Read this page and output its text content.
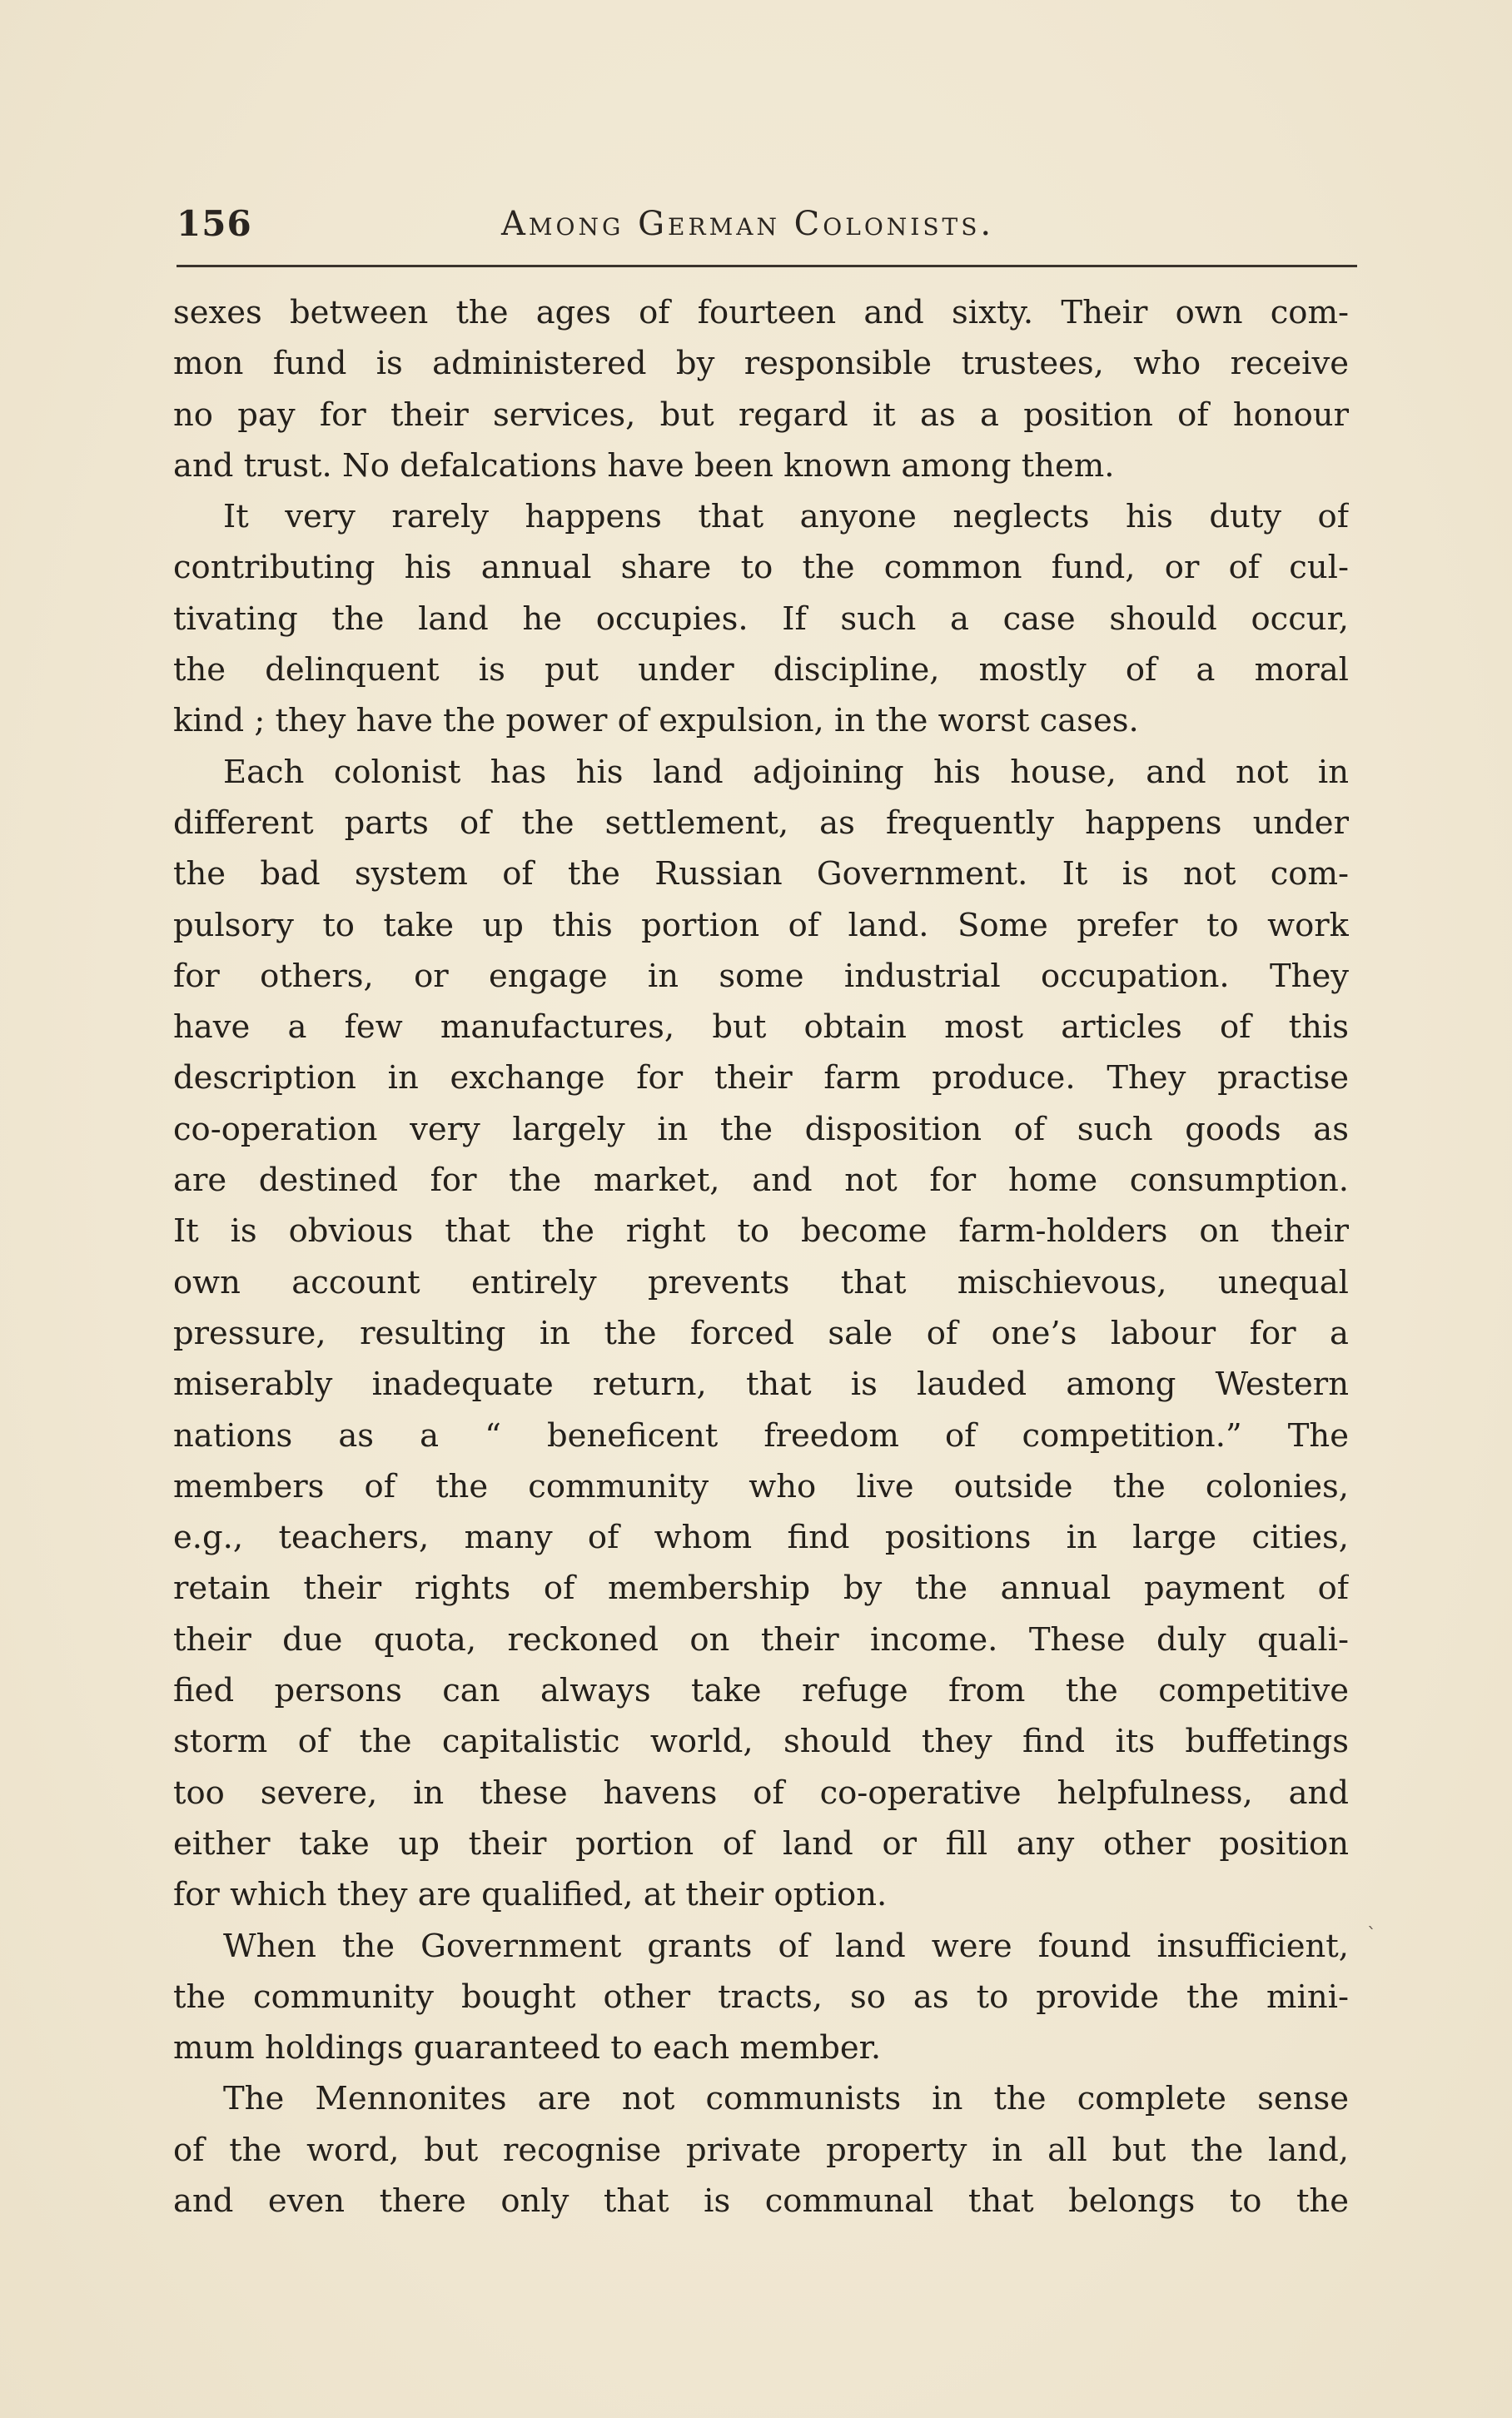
156	Among German Colonists.
sexes between the ages of fourteen and sixty. Their own com-
mon fund is administered by responsible trustees, who receive
no pay for their services, but regard it as a position of honour
and trust. No defalcations have been known among them.
It very rarely happens that anyone neglects his duty of
contributing his annual share to the common fund, or of cul-
tivating the land he occupies. If such a case should occur,
the delinquent is put under discipline, mostly of a moral
kind ; they have the power of expulsion, in the worst cases.
Each colonist has his land adjoining his house, and not in
different parts of the settlement, as frequently happens under
the bad system of the Russian Government. It is not com-
pulsory to take up this portion of land. Some prefer to work
for others, or engage in some industrial occupation. They
have a few manufactures, but obtain most articles of this
description in exchange for their farm produce. They practise
co-operation very largely in the disposition of such goods as
are destined for the market, and not for home consumption.
It is obvious that the right to become farm-holders on their
own account entirely prevents that mischievous, unequal
pressure, resulting in the forced sale of one’s labour for a
miserably inadequate return, that is lauded among Western
nations as a “ beneficent freedom of competition.” The
members of the community who live outside the colonies,
e.g., teachers, many of whom find positions in large cities,
retain their rights of membership by the annual payment of
their due quota, reckoned on their income. These duly quali-
fied persons can always take refuge from the competitive
storm of the capitalistic world, should they find its buffetings
too severe, in these havens of co-operative helpfulness, and
either take up their portion of land or fill any other position
for which they are qualified, at their option.
When the Government grants of land were found insufficient,
the community bought other tracts, so as to provide the mini-
mum holdings guaranteed to each member.
The Mennonites are not communists in the complete sense
of the word, but recognise private property in all but the land,
and even there only that is communal that belongs to the
ˋ
